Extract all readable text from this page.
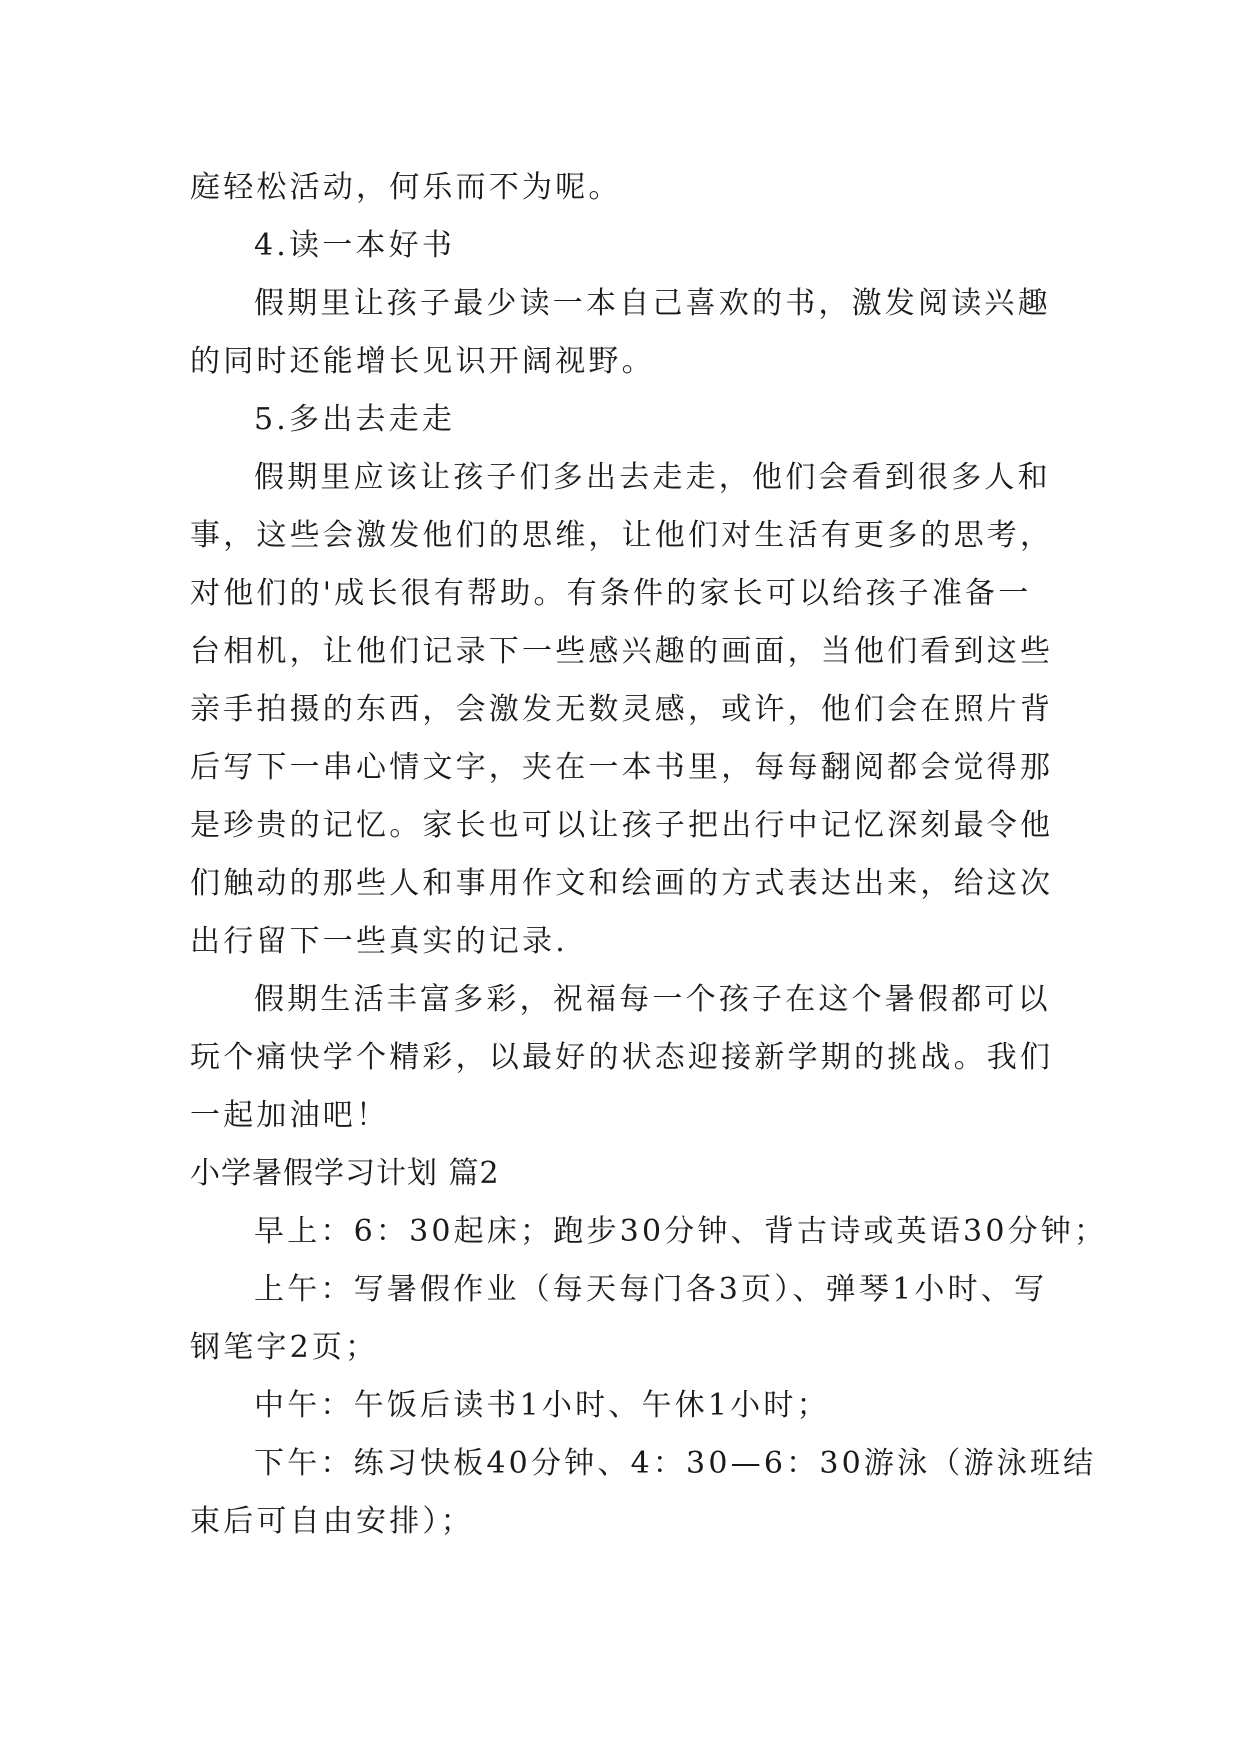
庭轻松活动，何乐而不为呢。
4.读一本好书
假期里让孩子最少读一本自己喜欢的书，激发阅读兴趣
的同时还能增长见识开阔视野。
5.多出去走走
假期里应该让孩子们多出去走走，他们会看到很多人和
事，这些会激发他们的思维，让他们对生活有更多的思考，
对他们的'成长很有帮助。有条件的家长可以给孩子准备一
台相机，让他们记录下一些感兴趣的画面，当他们看到这些
亲手拍摄的东西，会激发无数灵感，或许，他们会在照片背
后写下一串心情文字，夹在一本书里，每每翻阅都会觉得那
是珍贵的记忆。家长也可以让孩子把出行中记忆深刻最令他
们触动的那些人和事用作文和绘画的方式表达出来，给这次
出行留下一些真实的记录.
假期生活丰富多彩，祝福每一个孩子在这个暑假都可以
玩个痛快学个精彩，以最好的状态迎接新学期的挑战。我们
一起加油吧！
小学暑假学习计划 篇2
早上：6：30起床；跑步30分钟、背古诗或英语30分钟；
上午：写暑假作业（每天每门各3页）、弹琴1小时、写
钢笔字2页；
中午：午饭后读书1小时、午休1小时；
下午：练习快板40分钟、4：30—6：30游泳（游泳班结
束后可自由安排）；
